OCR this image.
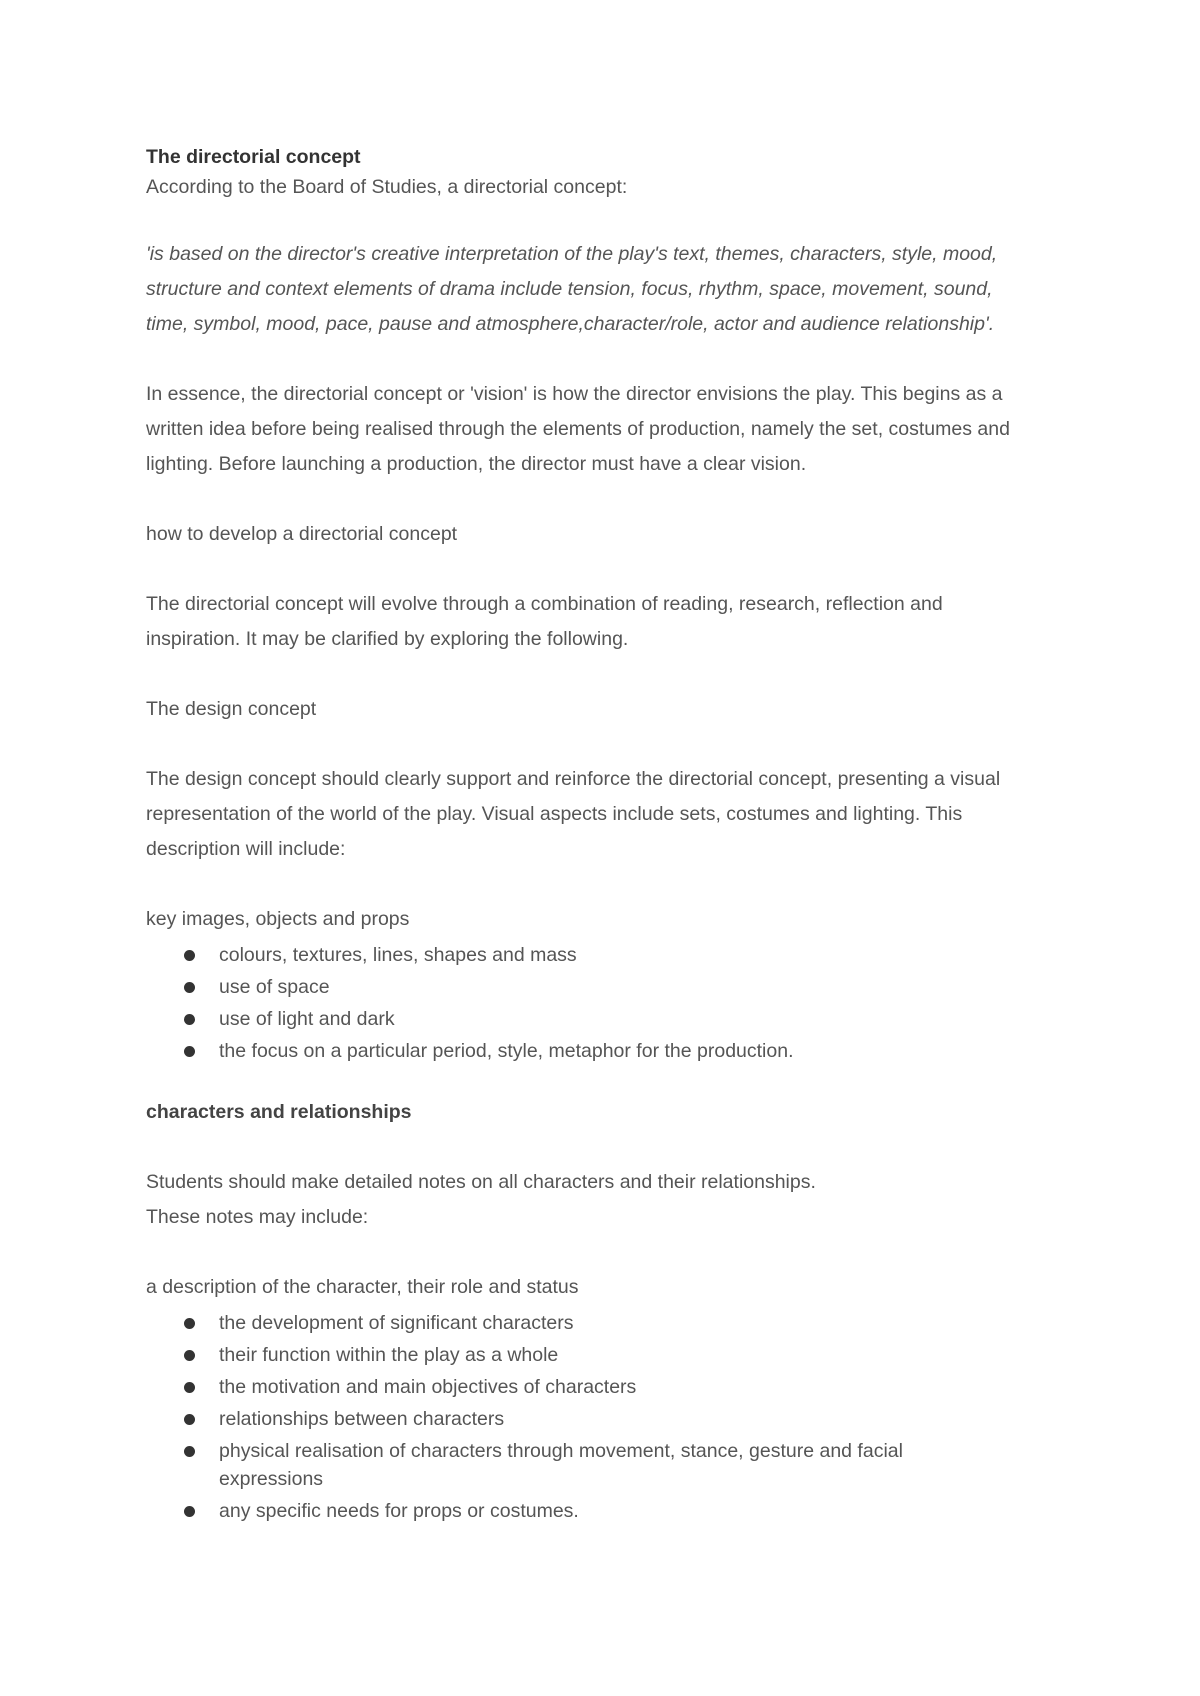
The directorial concept

According to the Board of Studies, a directorial concept:

'is based on the director's creative interpretation of the play's text, themes, characters, style, mood,

structure and context elements of drama include tension, focus, rhythm, space, movement, sound,

time, symbol, mood, pace, pause and atmosphere,character/role, actor and audience relationship'.

In essence, the directorial concept or 'vision' is how the director envisions the play. This begins as a

written idea before being realised through the elements of production, namely the set, costumes and

lighting. Before launching a production, the director must have a clear vision.

how to develop a directorial concept

The directorial concept will evolve through a combination of reading, research, reflection and

inspiration. It may be clarified by exploring the following.

The design concept

The design concept should clearly support and reinforce the directorial concept, presenting a visual

representation of the world of the play. Visual aspects include sets, costumes and lighting. This

description will include:

key images, objects and props

colours, textures, lines, shapes and mass
use of space
use of light and dark
the focus on a particular period, style, metaphor for the production.

characters and relationships

Students should make detailed notes on all characters and their relationships.

These notes may include:

a description of the character, their role and status

the development of significant characters
their function within the play as a whole
the motivation and main objectives of characters
relationships between characters
physical realisation of characters through movement, stance, gesture and facial expressions
any specific needs for props or costumes.
